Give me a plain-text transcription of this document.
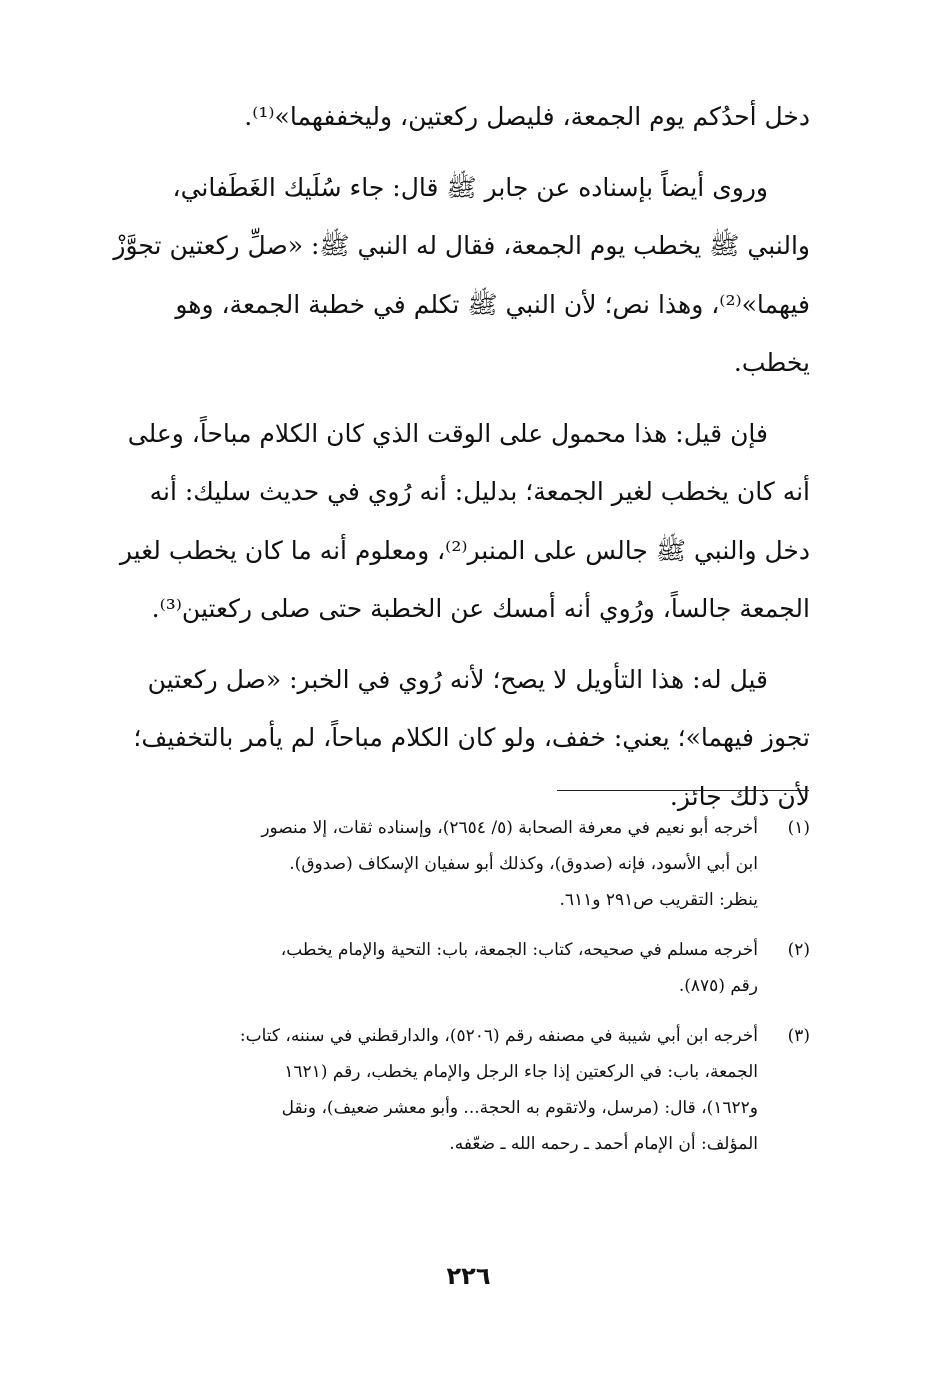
دخل أحدُكم يوم الجمعة، فليصل ركعتين، وليخففهما»⁽¹⁾.

وروى أيضاً بإسناده عن جابر ﷺ قال: جاء سُلَيك الغَطَفاني،
والنبي ﷺ يخطب يوم الجمعة، فقال له النبي ﷺ: «صلِّ ركعتين تجوَّزْ
فيهما»⁽²⁾، وهذا نص؛ لأن النبي ﷺ تكلم في خطبة الجمعة، وهو
يخطب.

فإن قيل: هذا محمول على الوقت الذي كان الكلام مباحاً، وعلى
أنه كان يخطب لغير الجمعة؛ بدليل: أنه رُوي في حديث سليك: أنه
دخل والنبي ﷺ جالس على المنبر⁽²⁾، ومعلوم أنه ما كان يخطب لغير
الجمعة جالساً، ورُوي أنه أمسك عن الخطبة حتى صلى ركعتين⁽³⁾.

قيل له: هذا التأويل لا يصح؛ لأنه رُوي في الخبر: «صل ركعتين
تجوز فيهما»؛ يعني: خفف، ولو كان الكلام مباحاً، لم يأمر بالتخفيف؛
لأن ذلك جائز.

(١)
أخرجه أبو نعيم في معرفة الصحابة (٥/ ٢٦٥٤)، وإسناده ثقات، إلا منصور
ابن أبي الأسود، فإنه (صدوق)، وكذلك أبو سفيان الإسكاف (صدوق).
ينظر: التقريب ص٢٩١ و٦١١.
(٢)
أخرجه مسلم في صحيحه، كتاب: الجمعة، باب: التحية والإمام يخطب،
رقم (٨٧٥).
(٣)
أخرجه ابن أبي شيبة في مصنفه رقم (٥٢٠٦)، والدارقطني في سننه، كتاب:
الجمعة، باب: في الركعتين إذا جاء الرجل والإمام يخطب، رقم (١٦٢١
و١٦٢٢)، قال: (مرسل، ولاتقوم به الحجة... وأبو معشر ضعيف)، ونقل
المؤلف: أن الإمام أحمد ـ رحمه الله ـ ضعّفه.
٢٢٦
